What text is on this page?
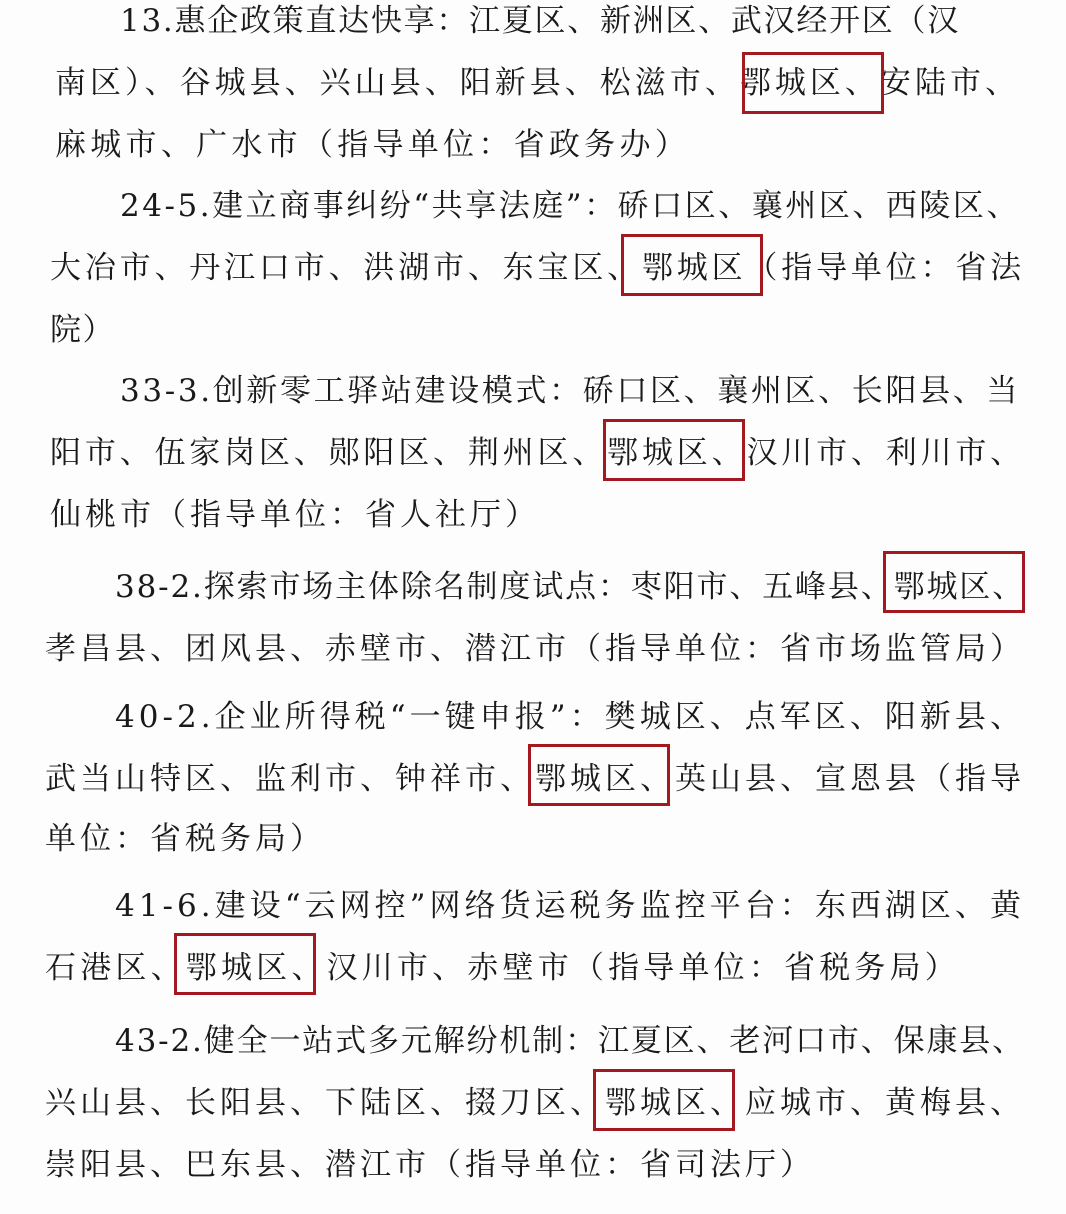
13.惠企政策直达快享：江夏区、新洲区、武汉经开区（汉
南区）、谷城县、兴山县、阳新县、松滋市、鄂城区、安陆市、
麻城市、广水市（指导单位：省政务办）
24-5.建立商事纠纷“共享法庭”：硚口区、襄州区、西陵区、
大冶市、丹江口市、洪湖市、东宝区、鄂城区（指导单位：省法
院）
33-3.创新零工驿站建设模式：硚口区、襄州区、长阳县、当
阳市、伍家岗区、郧阳区、荆州区、鄂城区、汉川市、利川市、
仙桃市（指导单位：省人社厅）
38-2.探索市场主体除名制度试点：枣阳市、五峰县、鄂城区、
孝昌县、团风县、赤壁市、潜江市（指导单位：省市场监管局）
40-2.企业所得税“一键申报”：樊城区、点军区、阳新县、
武当山特区、监利市、钟祥市、鄂城区、英山县、宣恩县（指导
单位：省税务局）
41-6.建设“云网控”网络货运税务监控平台：东西湖区、黄
石港区、鄂城区、汉川市、赤壁市（指导单位：省税务局）
43-2.健全一站式多元解纷机制：江夏区、老河口市、保康县、
兴山县、长阳县、下陆区、掇刀区、鄂城区、应城市、黄梅县、
崇阳县、巴东县、潜江市（指导单位：省司法厅）
